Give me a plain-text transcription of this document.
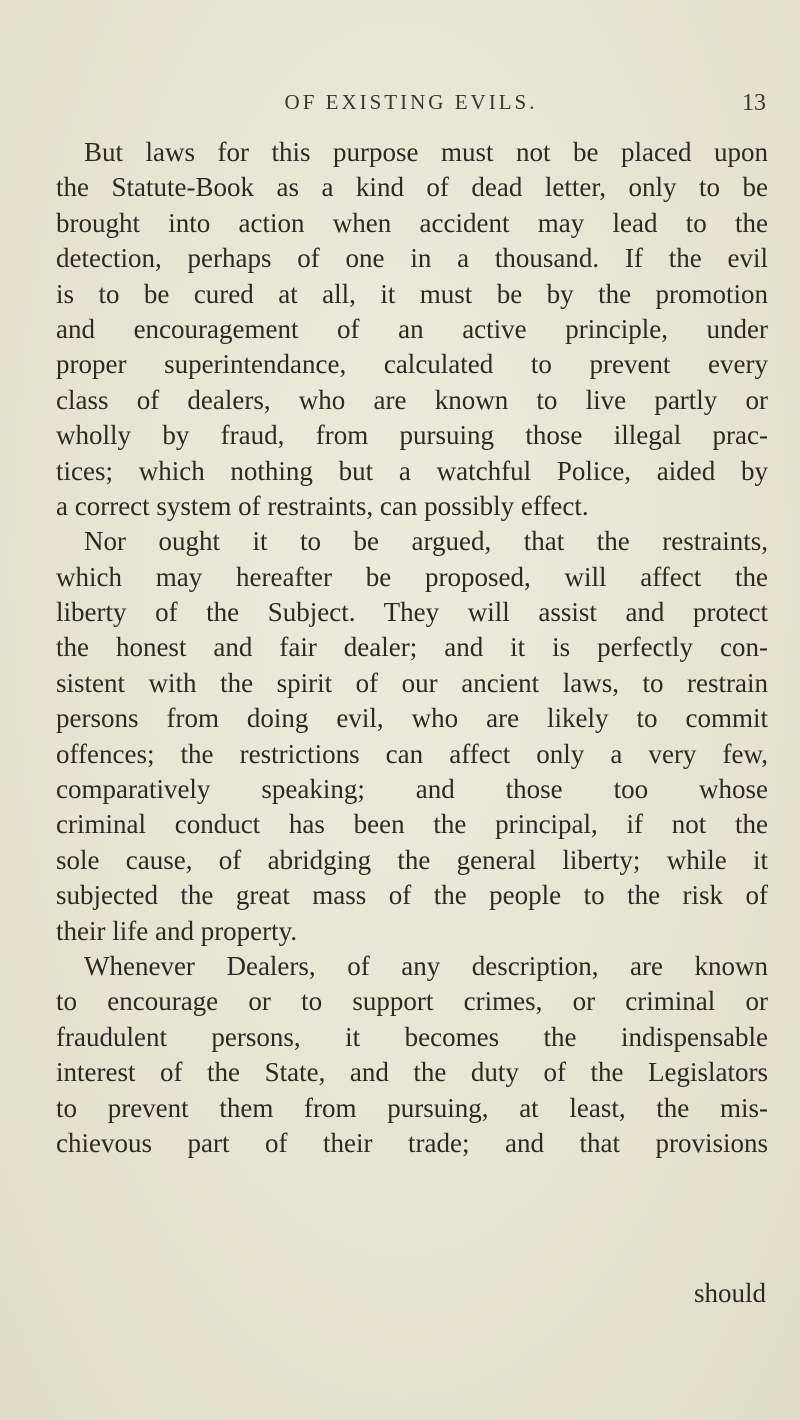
OF EXISTING EVILS.	13
But laws for this purpose must not be placed upon
the Statute-Book as a kind of dead letter, only to be
brought into action when accident may lead to the
detection, perhaps of one in a thousand. If the evil
is to be cured at all, it must be by the promotion
and encouragement of an active principle, under
proper superintendance, calculated to prevent every
class of dealers, who are known to live partly or
wholly by fraud, from pursuing those illegal prac-
tices; which nothing but a watchful Police, aided by
a correct system of restraints, can possibly effect.
Nor ought it to be argued, that the restraints,
which may hereafter be proposed, will affect the
liberty of the Subject. They will assist and protect
the honest and fair dealer; and it is perfectly con-
sistent with the spirit of our ancient laws, to restrain
persons from doing evil, who are likely to commit
offences; the restrictions can affect only a very few,
comparatively speaking; and those too whose
criminal conduct has been the principal, if not the
sole cause, of abridging the general liberty; while it
subjected the great mass of the people to the risk of
their life and property.
Whenever Dealers, of any description, are known
to encourage or to support crimes, or criminal or
fraudulent persons, it becomes the indispensable
interest of the State, and the duty of the Legislators
to prevent them from pursuing, at least, the mis-
chievous part of their trade; and that provisions
should
